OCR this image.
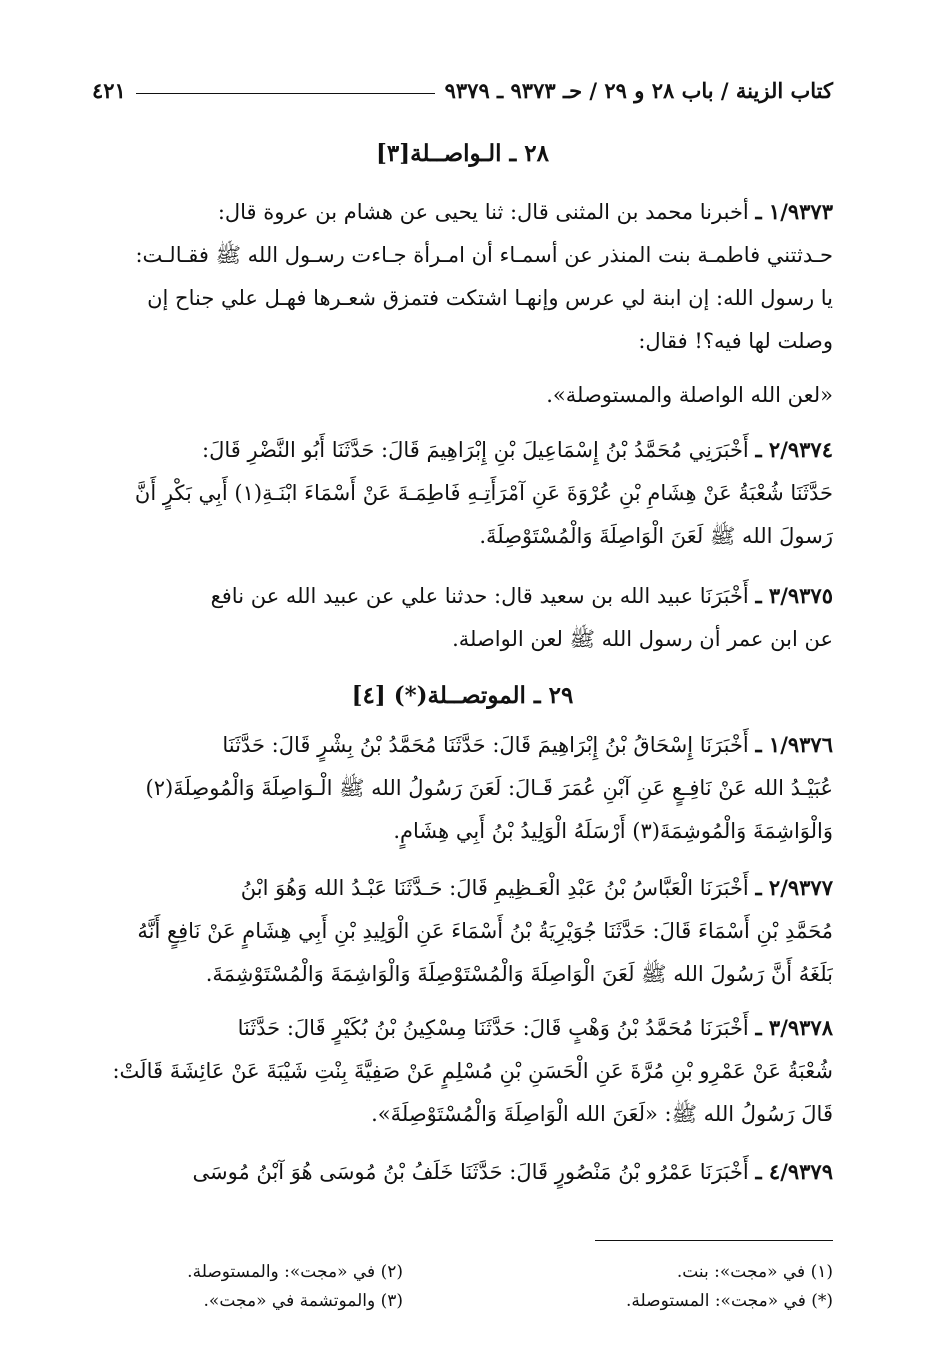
كتاب الزينة / باب ٢٨ و ٢٩ / حـ ٩٣٧٣ ـ ٩٣٧٩
٤٢١
٢٨ ـ الـواصــلة[٣]
١/٩٣٧٣ ـ أخبرنا محمد بن المثنى قال: ثنا يحيى عن هشام بن عروة قال:
حـدثتني فاطمـة بنت المنذر عن أسمـاء أن امـرأة جـاءت رسـول الله ﷺ فقـالـت:
يا رسول الله: إن ابنة لي عرس وإنهـا اشتكت فتمزق شعـرها فهـل علي جناح إن
وصلت لها فيه؟! فقال:
«لعن الله الواصلة والمستوصلة».
٢/٩٣٧٤ ـ أَخْبَرَنِي مُحَمَّدُ بْنُ إِسْمَاعِيلَ بْنِ إِبْرَاهِيمَ قَالَ: حَدَّثَنَا أَبُو النَّضْرِ قَالَ:
حَدَّثَنَا شُعْبَةُ عَنْ هِشَامِ بْنِ عُرْوَةَ عَنِ آمْرَأَتِـهِ فَاطِمَـةَ عَنْ أَسْمَاءَ ابْنَـةِ(١) أَبِي بَكْرٍ أَنَّ
رَسولَ الله ﷺ لَعَنَ الْوَاصِلَةَ وَالْمُسْتَوْصِلَةَ.
٣/٩٣٧٥ ـ أَخْبَرَنَا عبيد الله بن سعيد قال: حدثنا علي عن عبيد الله عن نافع
عن ابن عمر أن رسول الله ﷺ لعن الواصلة.
٢٩ ـ الموتصــلة(*) [٤]
١/٩٣٧٦ ـ أَخْبَرَنَا إِسْحَاقُ بْنُ إِبْرَاهِيمَ قَالَ: حَدَّثَنَا مُحَمَّدُ بْنُ بِشْرٍ قَالَ: حَدَّثَنَا
عُبَيْـدُ الله عَنْ نَافِـعٍ عَنِ آبْنِ عُمَرَ قَـالَ: لَعَنَ رَسُولُ الله ﷺ الْـوَاصِلَةَ وَالْمُوصِلَةَ(٢)
وَالْوَاشِمَةَ وَالْمُوشِمَةَ(٣) أَرْسَلَهُ الْوَلِيدُ بْنُ أَبِي هِشَامٍ.
٢/٩٣٧٧ ـ أَخْبَرَنَا الْعَبَّاسُ بْنُ عَبْدِ الْعَـظِيمِ قَالَ: حَـدَّثَنَا عَبْـدُ الله وَهُوَ ابْنُ
مُحَمَّدِ بْنِ أَسْمَاءَ قَالَ: حَدَّثَنَا جُوَيْرِيَةُ بْنُ أَسْمَاءَ عَنِ الْوَلِيدِ بْنِ أَبِي هِشَامٍ عَنْ نَافِعٍ أَنَّهُ
بَلَغَهُ أَنَّ رَسُولَ الله ﷺ لَعَنَ الْوَاصِلَةَ وَالْمُسْتَوْصِلَةَ وَالْوَاشِمَةَ وَالْمُسْتَوْشِمَةَ.
٣/٩٣٧٨ ـ أَخْبَرَنَا مُحَمَّدُ بْنُ وَهْبٍ قَالَ: حَدَّثَنَا مِسْكِينُ بْنُ بُكَيْرٍ قَالَ: حَدَّثَنَا
شُعْبَةُ عَنْ عَمْرِو بْنِ مُرَّةَ عَنِ الْحَسَنِ بْنِ مُسْلِمٍ عَنْ صَفِيَّةَ بِنْتِ شَيْبَةَ عَنْ عَائِشَةَ قَالَتْ:
قَالَ رَسُولُ الله ﷺ: «لَعَنَ الله الْوَاصِلَةَ وَالْمُسْتَوْصِلَةَ».
٤/٩٣٧٩ ـ أَخْبَرَنَا عَمْرُو بْنُ مَنْصُورٍ قَالَ: حَدَّثَنَا خَلَفُ بْنُ مُوسَى هُوَ آبْنُ مُوسَى
(١) في «مجت»: بنت.
(*) في «مجت»: المستوصلة.
(٢) في «مجت»: والمستوصلة.
(٣) والموتشمة في «مجت».
